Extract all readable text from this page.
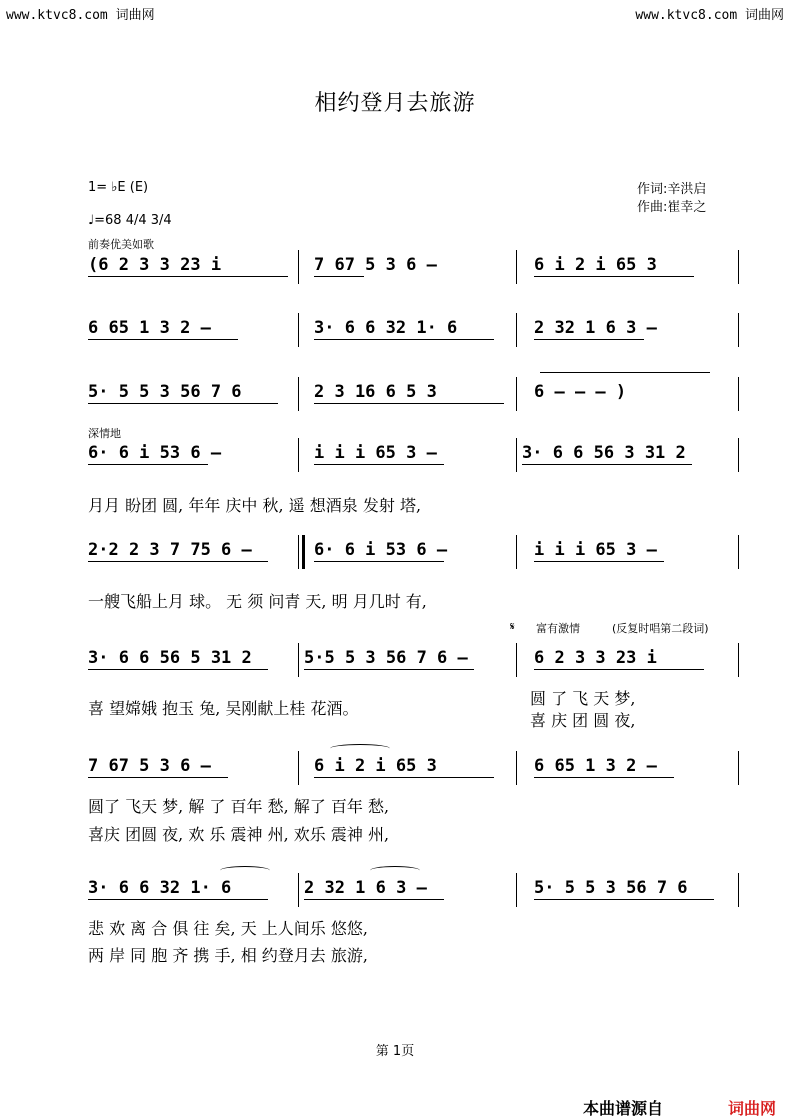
www.ktvc8.com 词曲网	www.ktvc8.com 词曲网
相约登月去旅游
1= ♭E (E)
♩=68 4/4 3/4
作词:辛洪启
作曲:崔幸之
前奏优美如歌
(6 2 3 3 23 i	7 67 5 3 6 –	6 i 2 i 65 3
6 65 1 3 2 –	3· 6 6 32 1· 6	2 32 1 6 3 –
5· 5 5 3 56 7 6	2 3 16 6 5 3	6 – – – )
深情地
6· 6 i 53 6 –	i i i 65 3 –	3· 6 6 56 3 31 2
月月 盼团 圆, 年年 庆中 秋, 遥 想酒泉 发射 塔,
2·2 2 3 7 75 6 –	6· 6 i 53 6 –	i i i 65 3 –
一艘飞船上月 球。 无 须 问青 天, 明 月几时 有,
𝄋 富有激情	(反复时唱第二段词)
3· 6 6 56 5 31 2	5·5 5 3 56 7 6 –	6 2 3 3 23 i
喜 望嫦娥 抱玉 兔, 吴刚献上桂 花酒。
圆 了 飞 天 梦,
喜 庆 团 圆 夜,
7 67 5 3 6 –	6 i 2 i 65 3	6 65 1 3 2 –
圆了 飞天 梦, 解 了 百年 愁, 解了 百年 愁,
喜庆 团圆 夜, 欢 乐 震神 州, 欢乐 震神 州,
3· 6 6 32 1· 6	2 32 1 6 3 –	5· 5 5 3 56 7 6
悲 欢 离 合 俱 往 矣, 天 上人间乐 悠悠,
两 岸 同 胞 齐 携 手, 相 约登月去 旅游,
第 1页
本曲谱源自	词曲网
